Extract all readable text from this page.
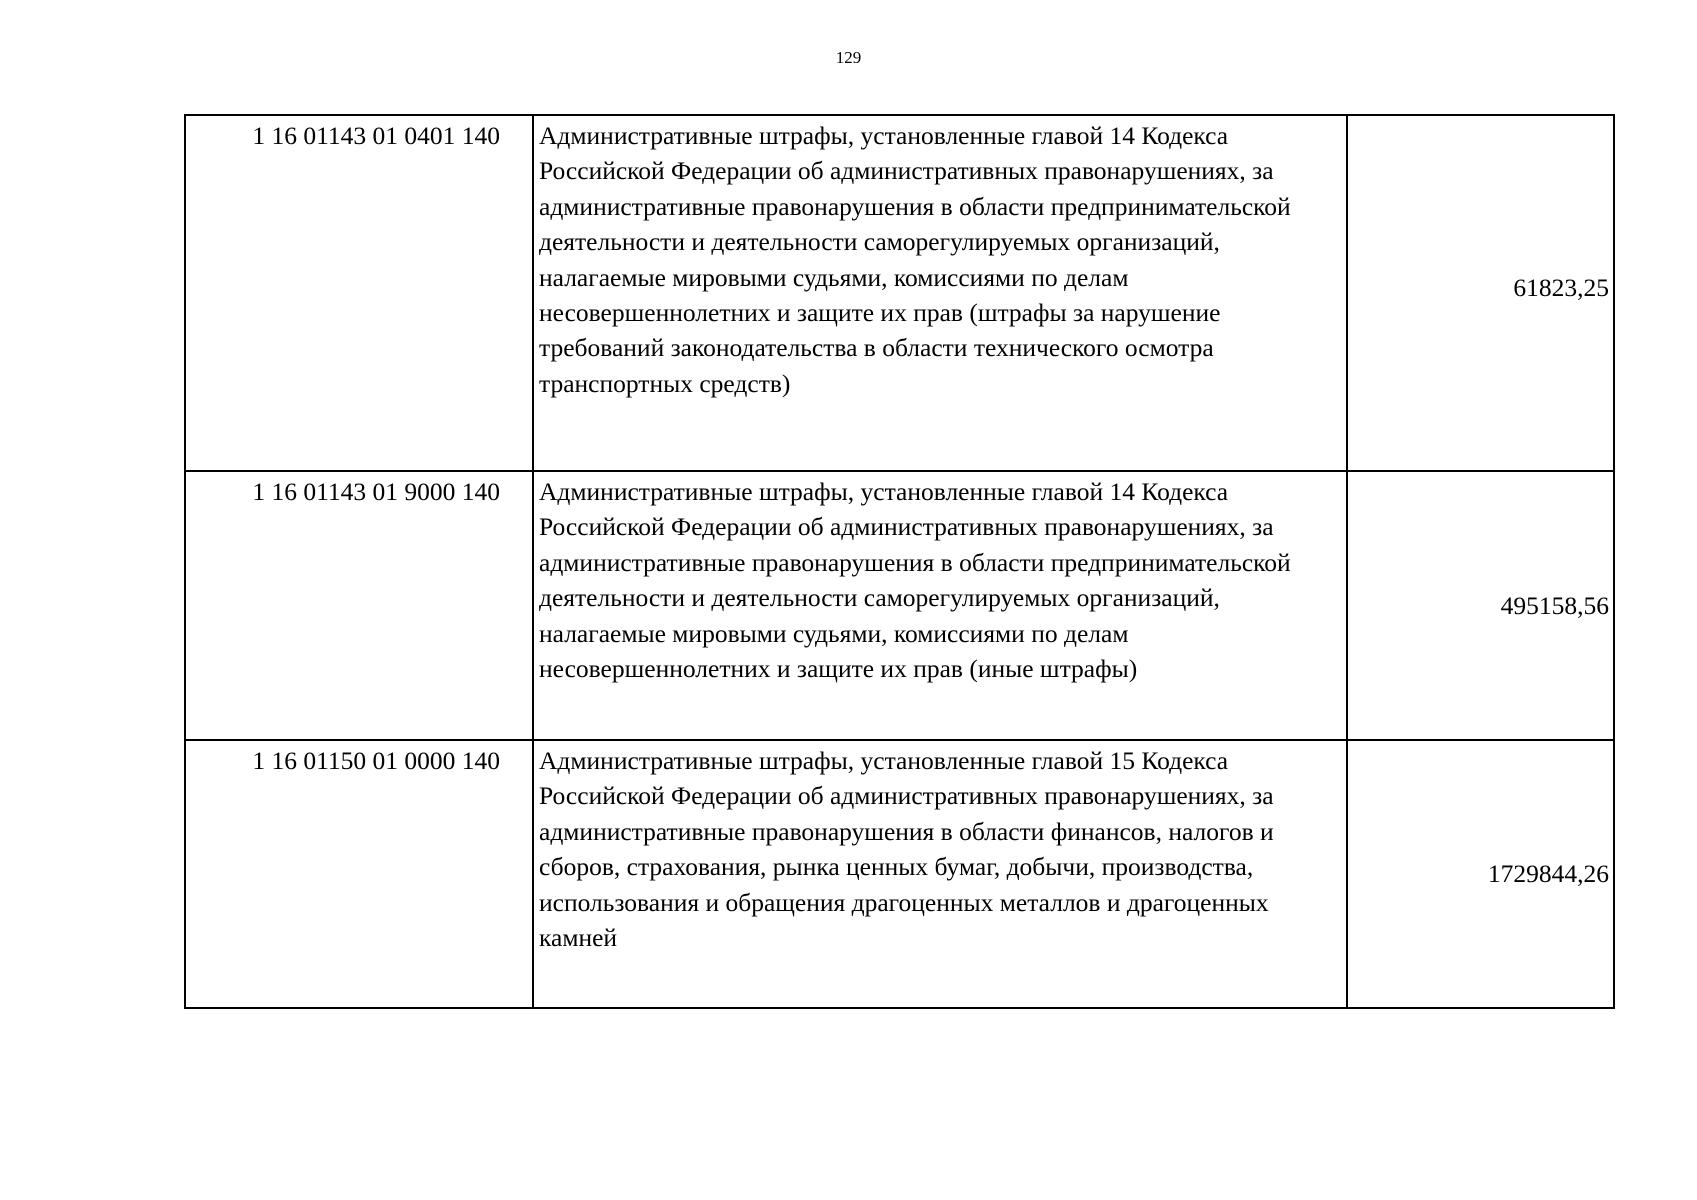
129
1 16 01143 01 0401 140	Административные штрафы, установленные главой 14 Кодекса Российской Федерации об административных правонарушениях, за административные правонарушения в области предпринимательской деятельности и деятельности саморегулируемых организаций, налагаемые мировыми судьями, комиссиями по делам несовершеннолетних и защите их прав (штрафы за нарушение требований законодательства в области технического осмотра транспортных средств)	61823,25
1 16 01143 01 9000 140	Административные штрафы, установленные главой 14 Кодекса Российской Федерации об административных правонарушениях, за административные правонарушения в области предпринимательской деятельности и деятельности саморегулируемых организаций, налагаемые мировыми судьями, комиссиями по делам несовершеннолетних и защите их прав (иные штрафы)	495158,56
1 16 01150 01 0000 140	Административные штрафы, установленные главой 15 Кодекса Российской Федерации об административных правонарушениях, за административные правонарушения в области финансов, налогов и сборов, страхования, рынка ценных бумаг, добычи, производства, использования и обращения драгоценных металлов и драгоценных камней	1729844,26
